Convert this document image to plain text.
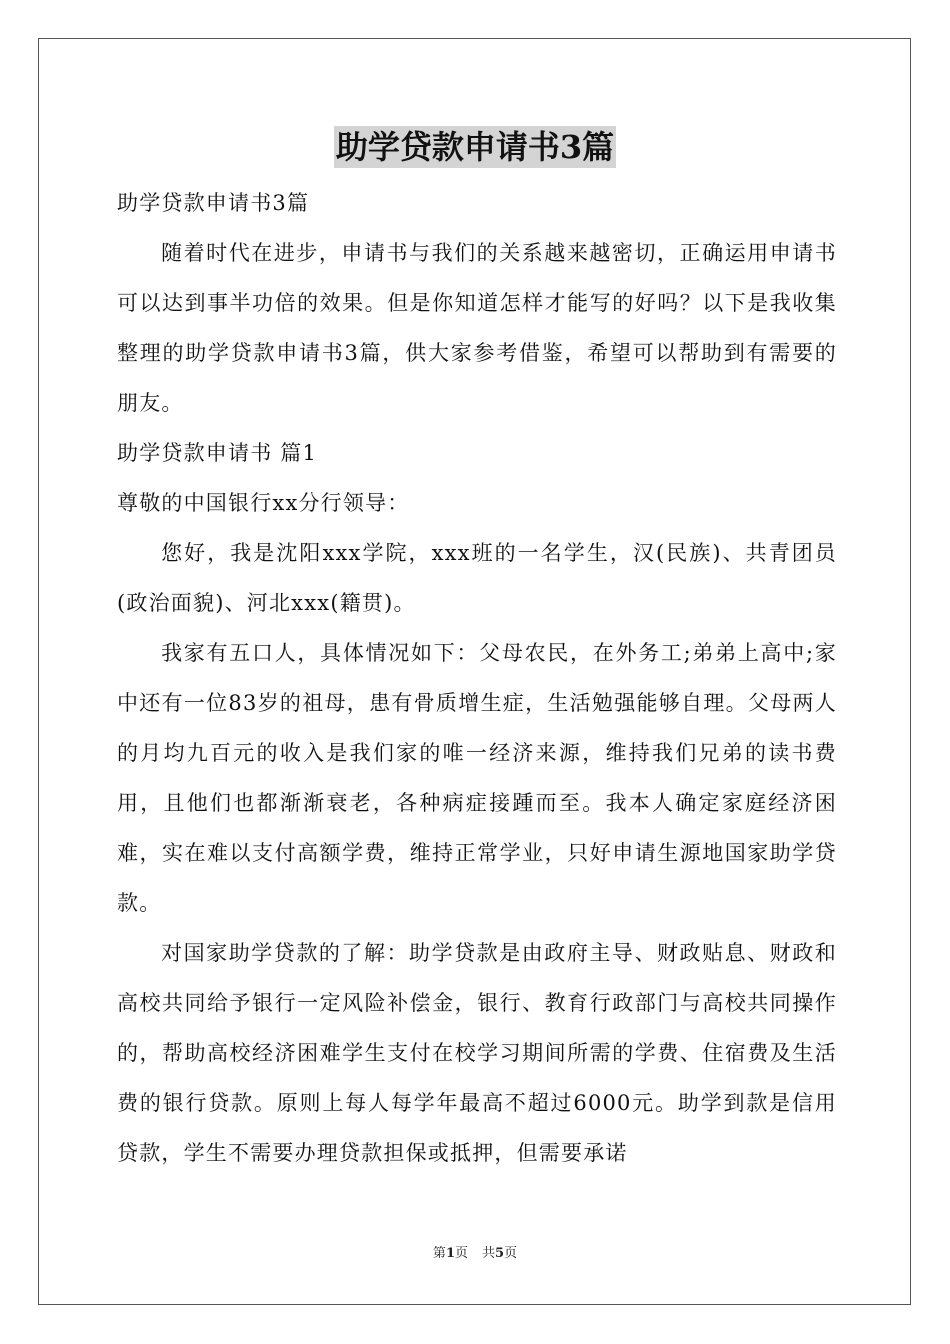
助学贷款申请书3篇

助学贷款申请书3篇

随着时代在进步，申请书与我们的关系越来越密切，正确运用申请书可以达到事半功倍的效果。但是你知道怎样才能写的好吗？以下是我收集整理的助学贷款申请书3篇，供大家参考借鉴，希望可以帮助到有需要的朋友。

助学贷款申请书 篇1

尊敬的中国银行xx分行领导：

您好，我是沈阳xxx学院，xxx班的一名学生，汉(民族)、共青团员 (政治面貌)、河北xxx(籍贯)。

我家有五口人，具体情况如下：父母农民，在外务工;弟弟上高中;家中还有一位83岁的祖母，患有骨质增生症，生活勉强能够自理。父母两人的月均九百元的收入是我们家的唯一经济来源，维持我们兄弟的读书费用，且他们也都渐渐衰老，各种病症接踵而至。我本人确定家庭经济困难，实在难以支付高额学费，维持正常学业，只好申请生源地国家助学贷款。

对国家助学贷款的了解：助学贷款是由政府主导、财政贴息、财政和高校共同给予银行一定风险补偿金，银行、教育行政部门与高校共同操作的，帮助高校经济困难学生支付在校学习期间所需的学费、住宿费及生活费的银行贷款。原则上每人每学年最高不超过6000元。助学到款是信用贷款，学生不需要办理贷款担保或抵押，但需要承诺

第1页 共5页
